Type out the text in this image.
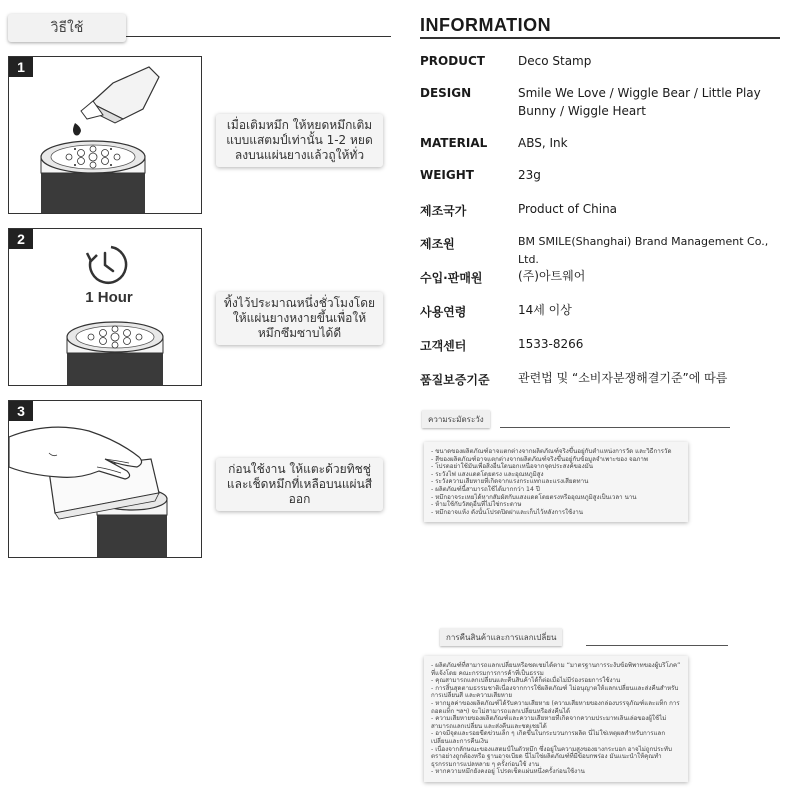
วิธีใช้
1
เมื่อเติมหมึก ให้หยดหมึกเติมแบบแสตมป์เท่านั้น 1-2 หยด ลงบนแผ่นยางแล้วถูให้ทั่ว
2
1 Hour	ทิ้งไว้ประมาณหนึ่งชั่วโมงโดยให้แผ่นยางหงายขึ้นเพื่อให้หมึกซึมซาบได้ดี
3
ก่อนใช้งาน ให้แตะด้วยทิชชู่และเช็ดหมึกที่เหลือบนแผ่นสีออก
INFORMATION
PRODUCT	Deco Stamp
DESIGN	Smile We Love / Wiggle Bear / Little Play Bunny / Wiggle Heart
MATERIAL	ABS, Ink
WEIGHT	23g
제조국가	Product of China
제조원	BM SMILE(Shanghai) Brand Management Co., Ltd.
수입·판매원	(주)아트웨어
사용연령	14세 이상
고객센터	1533-8266
품질보증기준 관련법 및 “소비자분쟁해결기준”에 따름
ความระมัดระวัง
- ขนาดของผลิตภัณฑ์อาจแตกต่างจากผลิตภัณฑ์จริงขึ้นอยู่กับตำแหน่งการวัด และวิธีการวัด
- สีของผลิตภัณฑ์อาจแตกต่างจากผลิตภัณฑ์จริงขึ้นอยู่กับข้อมูลจำเพาะของ จอภาพ
- โปรดอย่าใช้มันเพื่อสิ่งอื่นใดนอกเหนือจากจุดประสงค์ของมัน
- ระวังไฟ แสงแดดโดยตรง และอุณหภูมิสูง
- ระวังความเสียหายที่เกิดจากแรงกระแทกและแรงเสียดทาน
- ผลิตภัณฑ์นี้สามารถใช้ได้มากกว่า 14 ปี
- หมึกอาจระเหยได้หากสัมผัสกับแสงแดดโดยตรงหรืออุณหภูมิสูงเป็นเวลา นาน
- ห้ามใช้กับวัสดุอื่นที่ไม่ใช่กระดาษ
- หมึกอาจแห้ง ดังนั้นโปรดปิดฝาและเก็บไว้หลังการใช้งาน
การคืนสินค้าและการแลกเปลี่ยน
- ผลิตภัณฑ์ที่สามารถแลกเปลี่ยนหรือชดเชยได้ตาม “มาตรฐานการระงับข้อพิพาทของผู้บริโภค” ที่แจ้งโดย คณะกรรมการการค้าที่เป็นธรรม
- คุณสามารถแลกเปลี่ยนและคืนสินค้าได้ก็ต่อเมื่อไม่มีร่องรอยการใช้งาน
- การสิ้นสุดตามธรรมชาติเนื่องจากการใช้ผลิตภัณฑ์ ไม่อนุญาตให้แลกเปลี่ยนและส่งคืนสำหรับการเปลี่ยนสี และความเสียหาย
- หากมูลค่าของผลิตภัณฑ์ได้รับความเสียหาย (ความเสียหายของกล่องบรรจุภัณฑ์และแท็ก การถอดแท็ก ฯลฯ) จะไม่สามารถแลกเปลี่ยนหรือส่งคืนได้
- ความเสียหายของผลิตภัณฑ์และความเสียหายที่เกิดจากความประมาทเลินเล่อของผู้ใช้ไม่สามารถแลกเปลี่ยน และส่งคืนและชดเชยได้
- อาจมีจุดและรอยขีดข่วนเล็ก ๆ เกิดขึ้นในกระบวนการผลิต นี่ไม่ใช่เหตุผลสำหรับการแลกเปลี่ยนและการคืนเงิน
- เนื่องจากลักษณะของแสตมป์ในตัวหมึก ซึ่งอยู่ในความสูงของยางกระบอก อาจไม่ถูกประทับตราอย่างถูกต้องหรือ ฐานอาจเบียด นี่ไม่ใช่ผลิตภัณฑ์ที่มีข้อบกพร่อง มันแนะนำให้คุณทำธุรกรรมการแปลหลาย ๆ ครั้งก่อนใช้ งาน
- หากความหมึกยังคงอยู่ โปรดเช็ดแผ่นหนึ่งครั้งก่อนใช้งาน
